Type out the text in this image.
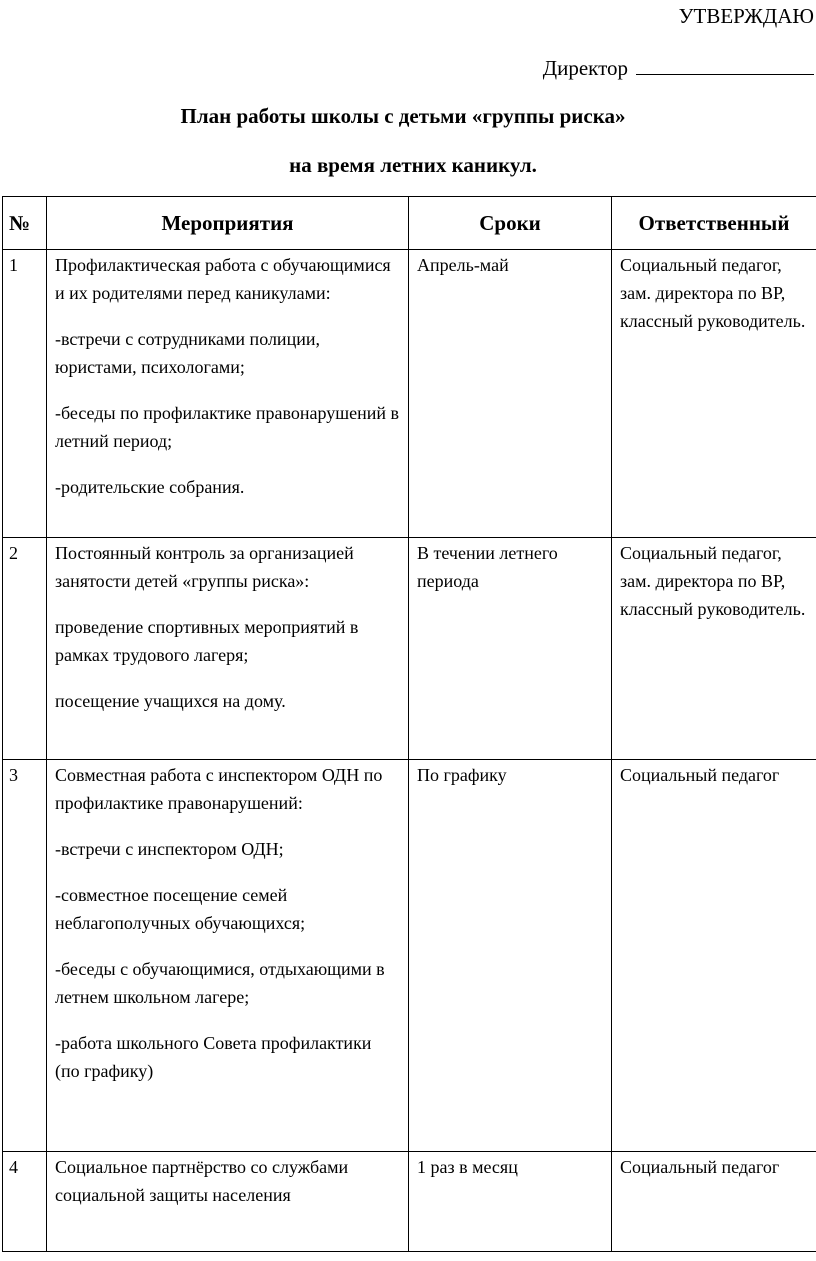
УТВЕРЖДАЮ
Директор
План работы школы с детьми «группы риска»
на время летних каникул.
№	Мероприятия	Сроки	Ответственный
1	Профилактическая работа с обучающимися и их родителями перед каникулами:

-встречи с сотрудниками полиции, юристами, психологами;

-беседы по профилактике правонарушений в летний период;

-родительские собрания.	Апрель-май	Социальный педагог, зам. директора по ВР, классный руководитель.
2	Постоянный контроль за организацией занятости детей «группы риска»:

проведение спортивных мероприятий в рамках трудового лагеря;

посещение учащихся на дому.	В течении летнего периода	Социальный педагог, зам. директора по ВР, классный руководитель.
3	Совместная работа с инспектором ОДН по профилактике правонарушений:

-встречи с инспектором ОДН;

-совместное посещение семей неблагополучных обучающихся;

-беседы с обучающимися, отдыхающими в летнем школьном лагере;

-работа школьного Совета профилактики (по графику)	По графику	Социальный педагог
4	Социальное партнёрство со службами социальной защиты населения	1 раз в месяц	Социальный педагог
